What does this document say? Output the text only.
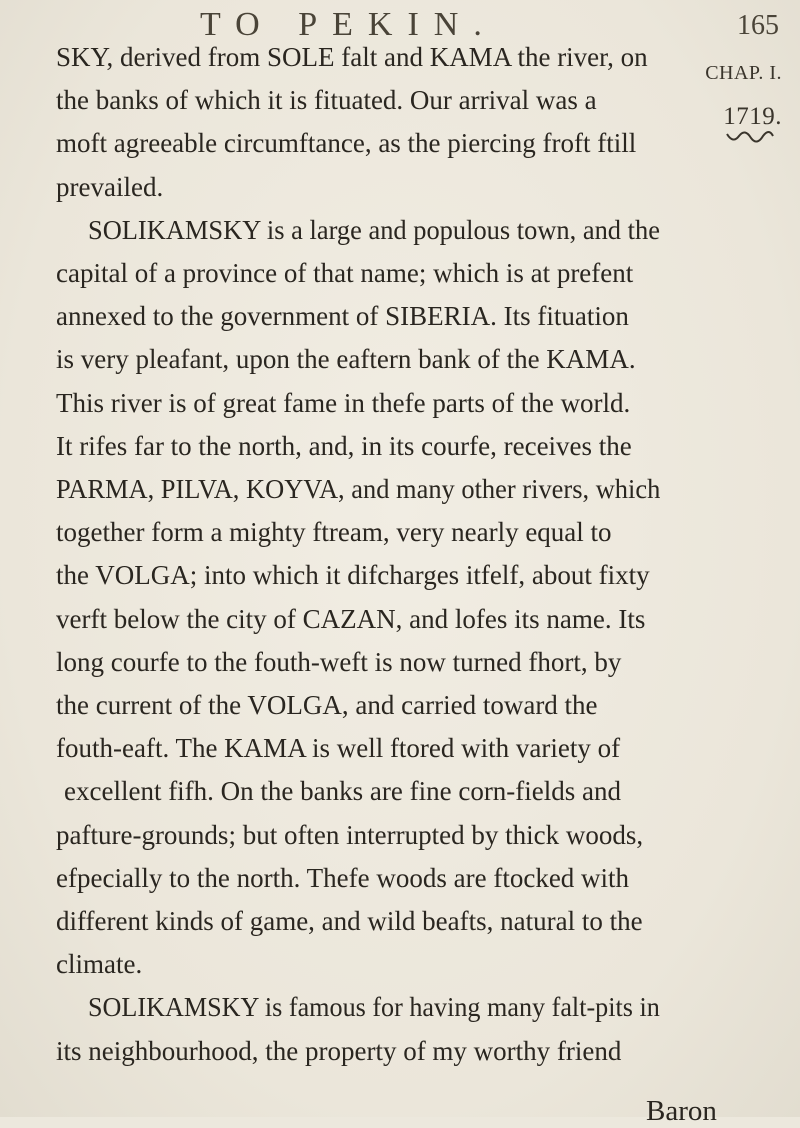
TO PEKIN.	165
CHAP. I.
1719.
SKY, derived from SOLE falt and KAMA the river, on
the banks of which it is fituated. Our arrival was a
moft agreeable circumftance, as the piercing froft ftill
prevailed.
SOLIKAMSKY is a large and populous town, and the
capital of a province of that name; which is at prefent
annexed to the government of SIBERIA. Its fituation
is very pleafant, upon the eaftern bank of the KAMA.
This river is of great fame in thefe parts of the world.
It rifes far to the north, and, in its courfe, receives the
PARMA, PILVA, KOYVA, and many other rivers, which
together form a mighty ftream, very nearly equal to
the VOLGA; into which it difcharges itfelf, about fixty
verft below the city of CAZAN, and lofes its name. Its
long courfe to the fouth-weft is now turned fhort, by
the current of the VOLGA, and carried toward the
fouth-eaft. The KAMA is well ftored with variety of
excellent fifh. On the banks are fine corn-fields and
pafture-grounds; but often interrupted by thick woods,
efpecially to the north. Thefe woods are ftocked with
different kinds of game, and wild beafts, natural to the
climate.
SOLIKAMSKY is famous for having many falt-pits in
its neighbourhood, the property of my worthy friend
Baron
